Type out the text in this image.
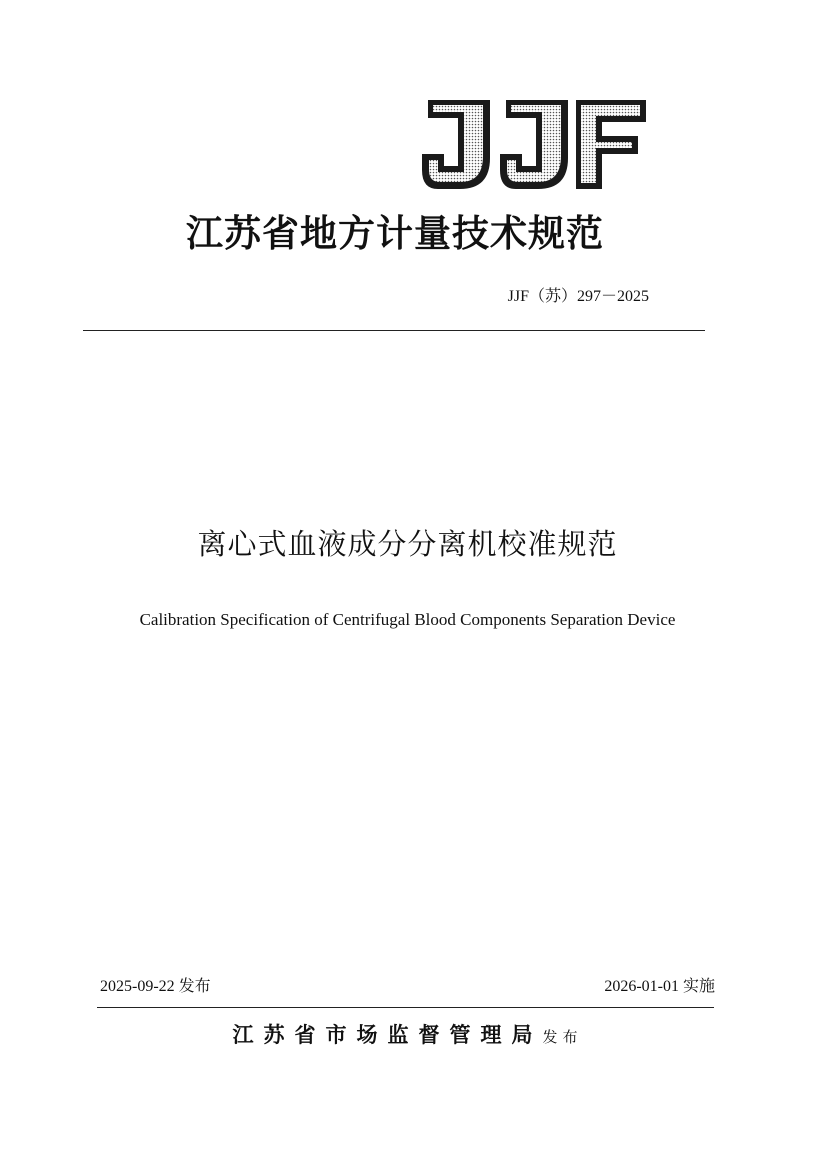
江苏省地方计量技术规范
JJF（苏）297－2025
离心式血液成分分离机校准规范
Calibration Specification of Centrifugal Blood Components Separation Device
2025-09-22 发布	2026-01-01 实施
江苏省市场监督管理局发布
